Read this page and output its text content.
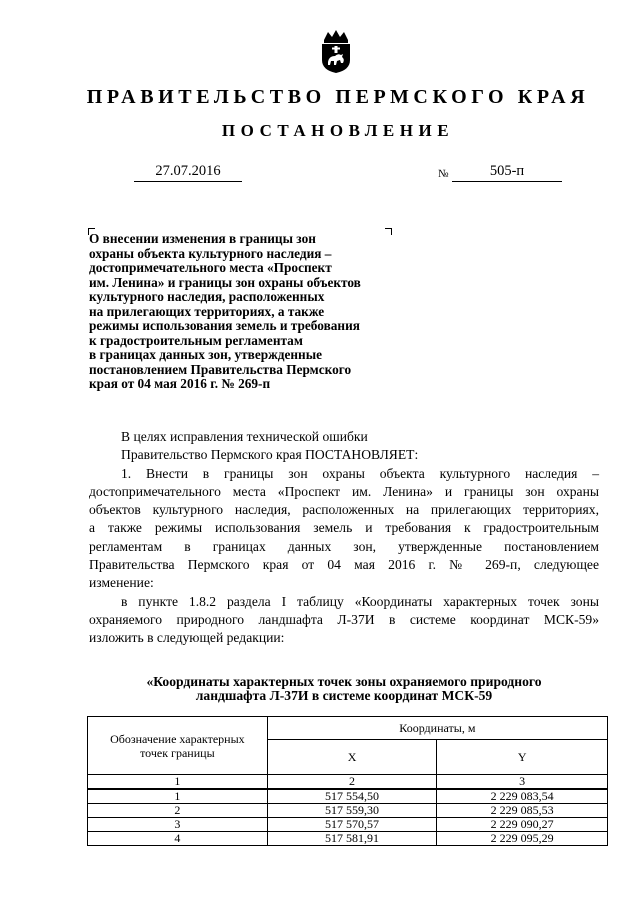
ПРАВИТЕЛЬСТВО ПЕРМСКОГО КРАЯ
ПОСТАНОВЛЕНИЕ
27.07.2016	№	505-п
О внесении изменения в границы зон
охраны объекта культурного наследия –
достопримечательного места «Проспект
им. Ленина» и границы зон охраны объектов
культурного наследия, расположенных
на прилегающих территориях, а также
режимы использования земель и требования
к градостроительным регламентам
в границах данных зон, утвержденные
постановлением Правительства Пермского
края от 04 мая 2016 г. № 269-п
В целях исправления технической ошибки
Правительство Пермского края ПОСТАНОВЛЯЕТ:
1. Внести в границы зон охраны объекта культурного наследия –
достопримечательного места «Проспект им. Ленина» и границы зон охраны
объектов культурного наследия, расположенных на прилегающих территориях,
а также режимы использования земель и требования к градостроительным
регламентам в границах данных зон, утвержденные постановлением
Правительства Пермского края от 04 мая 2016 г. № 269-п, следующее
изменение:
в пункте 1.8.2 раздела I таблицу «Координаты характерных точек зоны
охраняемого природного ландшафта Л-37И в системе координат МСК-59»
изложить в следующей редакции:
«Координаты характерных точек зоны охраняемого природного
ландшафта Л-37И в системе координат МСК-59
Обозначение характерных точек границы	Координаты, м	
	X	Y
1	2	3
1	517 554,50	2 229 083,54
2	517 559,30	2 229 085,53
3	517 570,57	2 229 090,27
4	517 581,91	2 229 095,29
